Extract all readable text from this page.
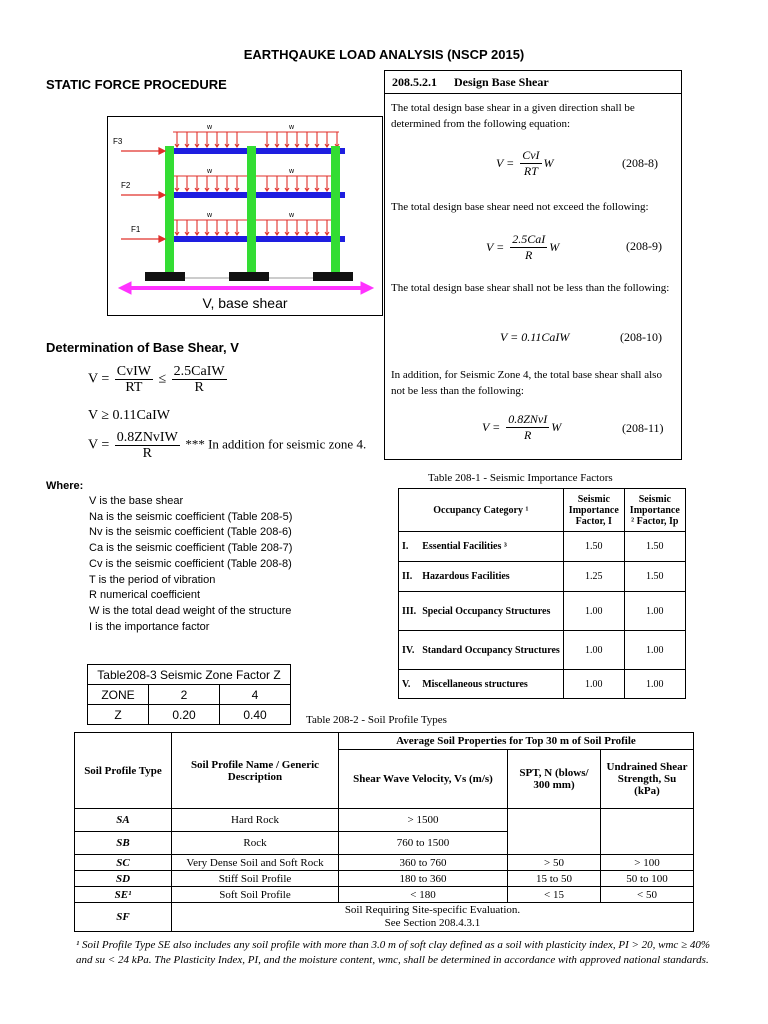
EARTHQAUKE LOAD ANALYSIS (NSCP 2015)
STATIC FORCE PROCEDURE
F3
F2
F1
w	w
w	w
w	w
V, base shear
208.5.2.1 Design Base Shear
The total design base shear in a given direction shall be determined from the following equation:
$V = \frac{\text{CvI}}{RT}$ W	(208-8)
The total design base shear need not exceed the following:
$V = \frac{\text{2.5CaI}}{R}$ W	(208-9)
The total design base shear shall not be less than the following:
V = 0.11CaIW	(208-10)
In addition, for Seismic Zone 4, the total base shear shall also not be less than the following:
$V = \frac{\text{0.8ZNvI}}{R}$ W	(208-11)
Determination of Base Shear, V
$V = \frac{\text{CvIW}}{RT} \le \frac{\text{2.5CaIW}}{R}$
V ≥ 0.11CaIW
$V = \frac{\text{0.8ZNvIW}}{R}$ *** In addition for seismic zone 4.
Where:
V is the base shear
Na is the seismic coefficient (Table 208-5)
Nv is the seismic coefficient (Table 208-6)
Ca is the seismic coefficient (Table 208-7)
Cv is the seismic coefficient (Table 208-8)
T is the period of vibration
R numerical coefficient
W is the total dead weight of the structure
I is the importance factor
Table208-3 Seismic Zone Factor Z		
ZONE	2	4
Z	0.20	0.40
Table 208-1 - Seismic Importance Factors
Occupancy Category ¹		Seismic Importance Factor, I	Seismic Importance ² Factor, Ip
I.	Essential Facilities ³	1.50	1.50
II.	Hazardous Facilities	1.25	1.50
III.	Special Occupancy Structures	1.00	1.00
IV.	Standard Occupancy Structures	1.00	1.00
V.	Miscellaneous structures	1.00	1.00
Table 208-2 - Soil Profile Types
Soil Profile Type	Soil Profile Name / Generic Description	Average Soil Properties for Top 30 m of Soil Profile		
		Shear Wave Velocity, Vs (m/s)	SPT, N (blows/ 300 mm)	Undrained Shear Strength, Su (kPa)
SA	Hard Rock	> 1500		
SB	Rock	760 to 1500		
SC	Very Dense Soil and Soft Rock	360 to 760	> 50	> 100
SD	Stiff Soil Profile	180 to 360	15 to 50	50 to 100
SE¹	Soft Soil Profile	< 180	< 15	< 50
SF	Soil Requiring Site-specific Evaluation.
See Section 208.4.3.1			
¹ Soil Profile Type SE also includes any soil profile with more than 3.0 m of soft clay defined as a soil with plasticity index, PI > 20, wmc ≥ 40% and su < 24 kPa. The Plasticity Index, PI, and the moisture content, wmc, shall be determined in accordance with approved national standards.
